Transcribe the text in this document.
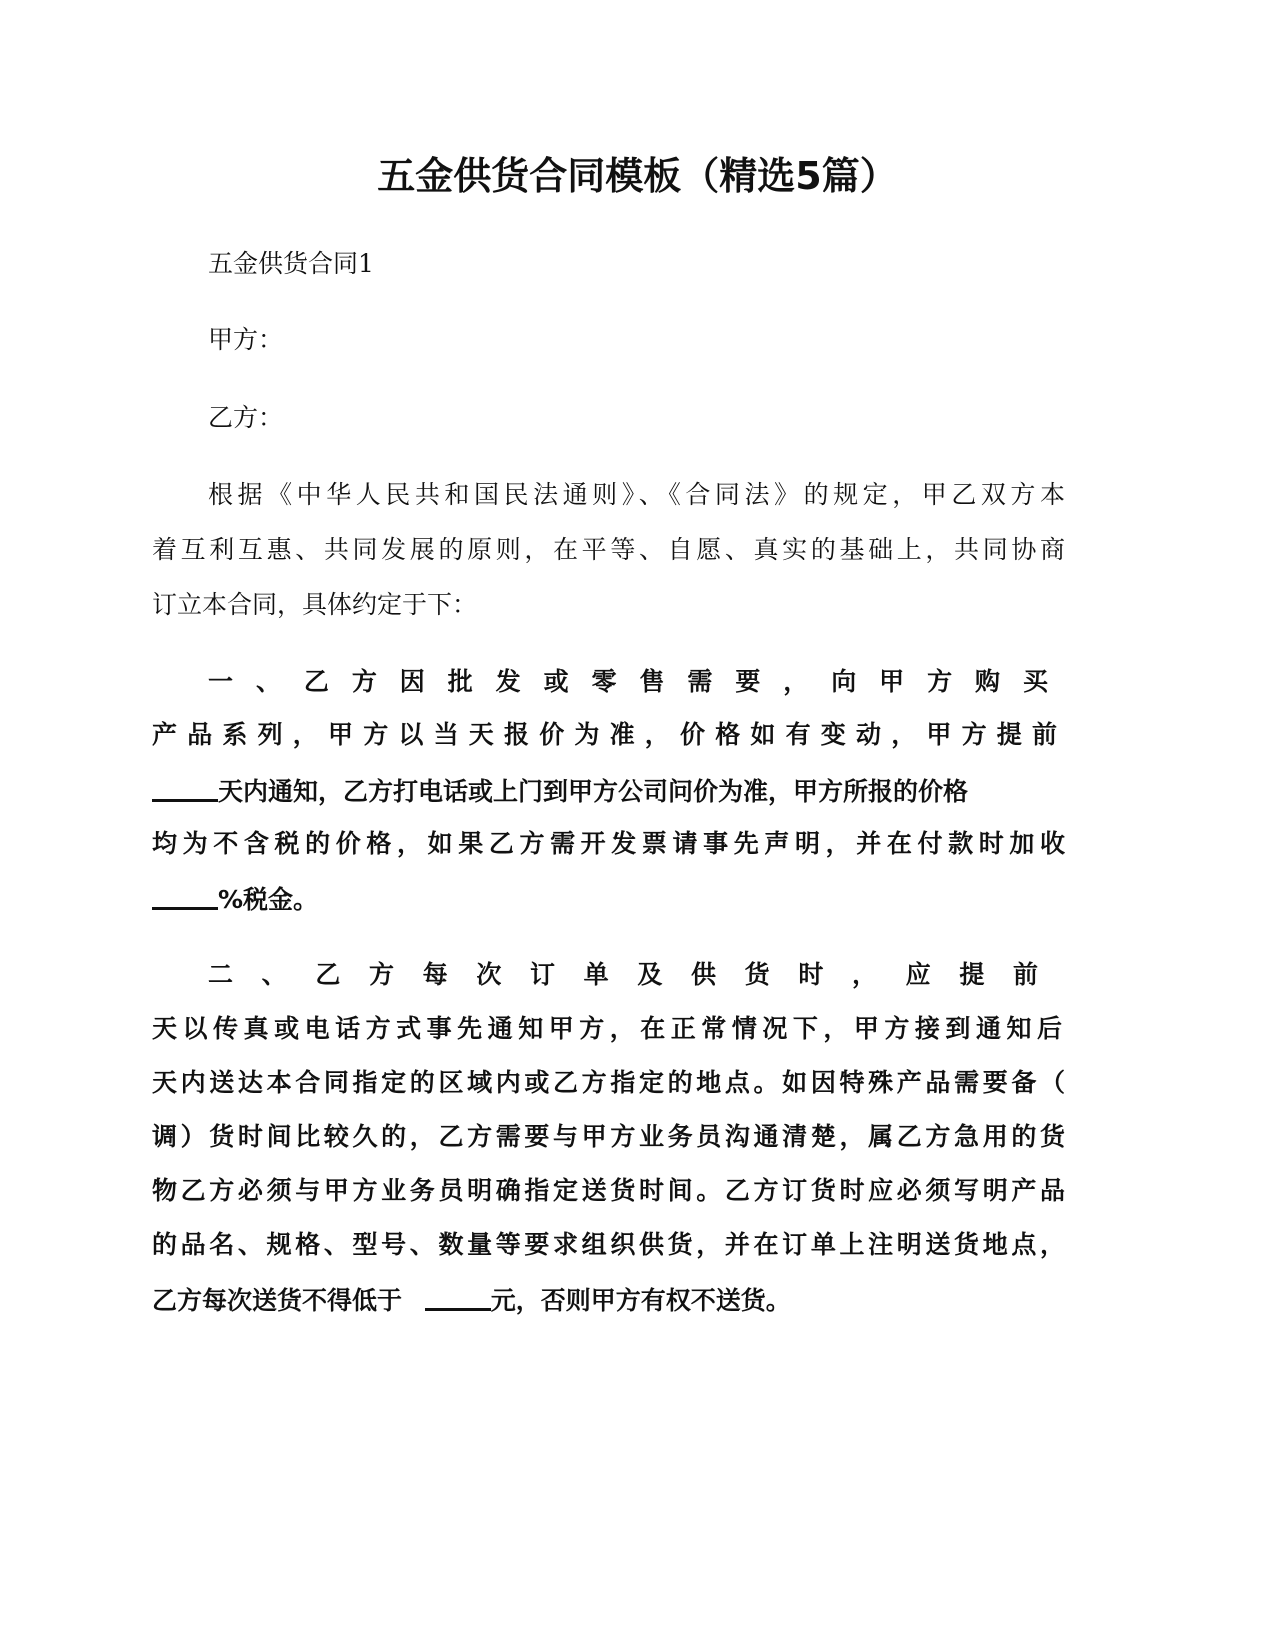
五金供货合同模板（精选5篇）

五金供货合同1

甲方：

乙方：

根据《中华人民共和国民法通则》、《合同法》的规定，甲乙双方本
着互利互惠、共同发展的原则，在平等、自愿、真实的基础上，共同协商

订立本合同，具体约定于下：

一、乙方因批发或零售需要，向甲方购买
产品系列，甲方以当天报价为准，价格如有变动，甲方提前
天内通知，乙方打电话或上门到甲方公司问价为准，甲方所报的价格
均为不含税的价格，如果乙方需开发票请事先声明，并在付款时加收
%税金。
二、乙方每次订单及供货时，应提前
天以传真或电话方式事先通知甲方，在正常情况下，甲方接到通知后
天内送达本合同指定的区域内或乙方指定的地点。如因特殊产品需要备（
调）货时间比较久的，乙方需要与甲方业务员沟通清楚，属乙方急用的货
物乙方必须与甲方业务员明确指定送货时间。乙方订货时应必须写明产品
的品名、规格、型号、数量等要求组织供货，并在订单上注明送货地点，
乙方每次送货不得低于	元，否则甲方有权不送货。
